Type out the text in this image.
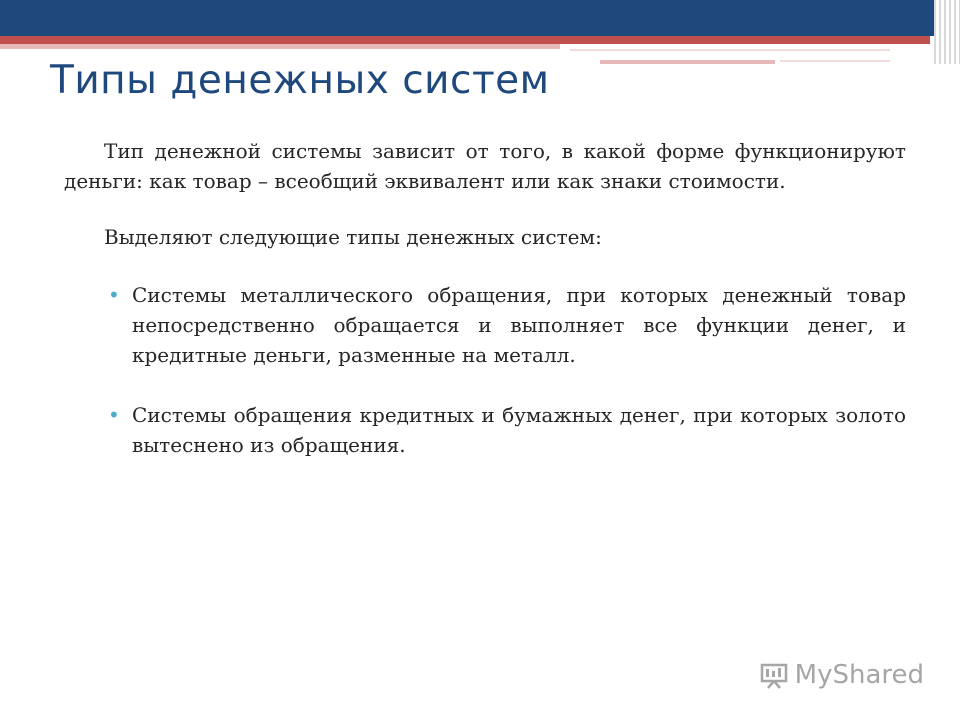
Типы денежных систем

Тип денежной системы зависит от того, в какой форме функционируют деньги: как товар – всеобщий эквивалент или как знаки стоимости.

Выделяют следующие типы денежных систем:

• Системы металлического обращения, при которых денежный товар непосредственно обращается и выполняет все функции денег, и кредитные деньги, разменные на металл.
• Системы обращения кредитных и бумажных денег, при которых золото вытеснено из обращения.
MyShared
